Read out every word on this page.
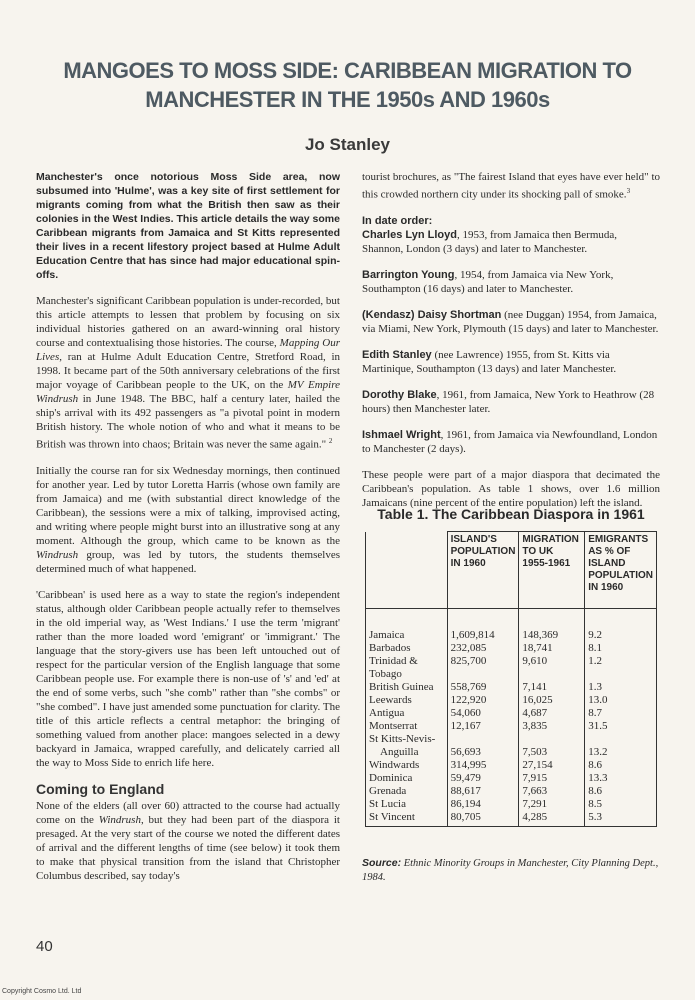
MANGOES TO MOSS SIDE: CARIBBEAN MIGRATION TO MANCHESTER IN THE 1950s AND 1960s
Jo Stanley

Manchester's once notorious Moss Side area, now subsumed into 'Hulme', was a key site of first settlement for migrants coming from what the British then saw as their colonies in the West Indies. This article details the way some Caribbean migrants from Jamaica and St Kitts represented their lives in a recent lifestory project based at Hulme Adult Education Centre that has since had major educational spin-offs.

Manchester's significant Caribbean population is under-recorded, but this article attempts to lessen that problem by focusing on six individual histories gathered on an award-winning oral history course and contextualising those histories. The course, Mapping Our Lives, ran at Hulme Adult Education Centre, Stretford Road, in 1998. It became part of the 50th anniversary celebrations of the first major voyage of Caribbean people to the UK, on the MV Empire Windrush in June 1948. The BBC, half a century later, hailed the ship's arrival with its 492 passengers as "a pivotal point in modern British history. The whole notion of who and what it means to be British was thrown into chaos; Britain was never the same again." $^2$

Initially the course ran for six Wednesday mornings, then continued for another year. Led by tutor Loretta Harris (whose own family are from Jamaica) and me (with substantial direct knowledge of the Caribbean), the sessions were a mix of talking, improvised acting, and writing where people might burst into an illustrative song at any moment. Although the group, which came to be known as the Windrush group, was led by tutors, the students themselves determined much of what happened.

'Caribbean' is used here as a way to state the region's independent status, although older Caribbean people actually refer to themselves in the old imperial way, as 'West Indians.' I use the term 'migrant' rather than the more loaded word 'emigrant' or 'immigrant.' The language that the story-givers use has been left untouched out of respect for the particular version of the English language that some Caribbean people use. For example there is non-use of 's' and 'ed' at the end of some verbs, such "she comb" rather than "she combs" or "she combed". I have just amended some punctuation for clarity. The title of this article reflects a central metaphor: the bringing of something valued from another place: mangoes selected in a dewy backyard in Jamaica, wrapped carefully, and delicately carried all the way to Moss Side to enrich life here.

Coming to England

None of the elders (all over 60) attracted to the course had actually come on the Windrush, but they had been part of the diaspora it presaged. At the very start of the course we noted the different dates of arrival and the different lengths of time (see below) it took them to make that physical transition from the island that Christopher Columbus described, say today's

tourist brochures, as "The fairest Island that eyes have ever held" to this crowded northern city under its shocking pall of smoke.$^3$

In date order:

Charles Lyn Lloyd, 1953, from Jamaica then Bermuda, Shannon, London (3 days) and later to Manchester.

Barrington Young, 1954, from Jamaica via New York, Southampton (16 days) and later to Manchester.

(Kendasz) Daisy Shortman (nee Duggan) 1954, from Jamaica, via Miami, New York, Plymouth (15 days) and later to Manchester.

Edith Stanley (nee Lawrence) 1955, from St. Kitts via Martinique, Southampton (13 days) and later Manchester.

Dorothy Blake, 1961, from Jamaica, New York to Heathrow (28 hours) then Manchester later.

Ishmael Wright, 1961, from Jamaica via Newfoundland, London to Manchester (2 days).

These people were part of a major diaspora that decimated the Caribbean's population. As table 1 shows, over 1.6 million Jamaicans (nine percent of the entire population) left the island.

Table 1. The Caribbean Diaspora in 1961
	ISLAND'S POPULATION IN 1960	MIGRATION TO UK 1955-1961	EMIGRANTS AS % OF ISLAND POPULATION IN 1960
Jamaica	1,609,814	148,369	9.2
Barbados	232,085	18,741	8.1
Trinidad & Tobago	825,700	9,610	1.2
British Guinea	558,769	7,141	1.3
Leewards	122,920	16,025	13.0
Antigua	54,060	4,687	8.7
Montserrat	12,167	3,835	31.5
St Kitts-Nevis-			
Anguilla	56,693	7,503	13.2
Windwards	314,995	27,154	8.6
Dominica	59,479	7,915	13.3
Grenada	88,617	7,663	8.6
St Lucia	86,194	7,291	8.5
St Vincent	80,705	4,285	5.3
Source: Ethnic Minority Groups in Manchester, City Planning Dept., 1984.
40
Copyright Cosmo Ltd. Ltd
